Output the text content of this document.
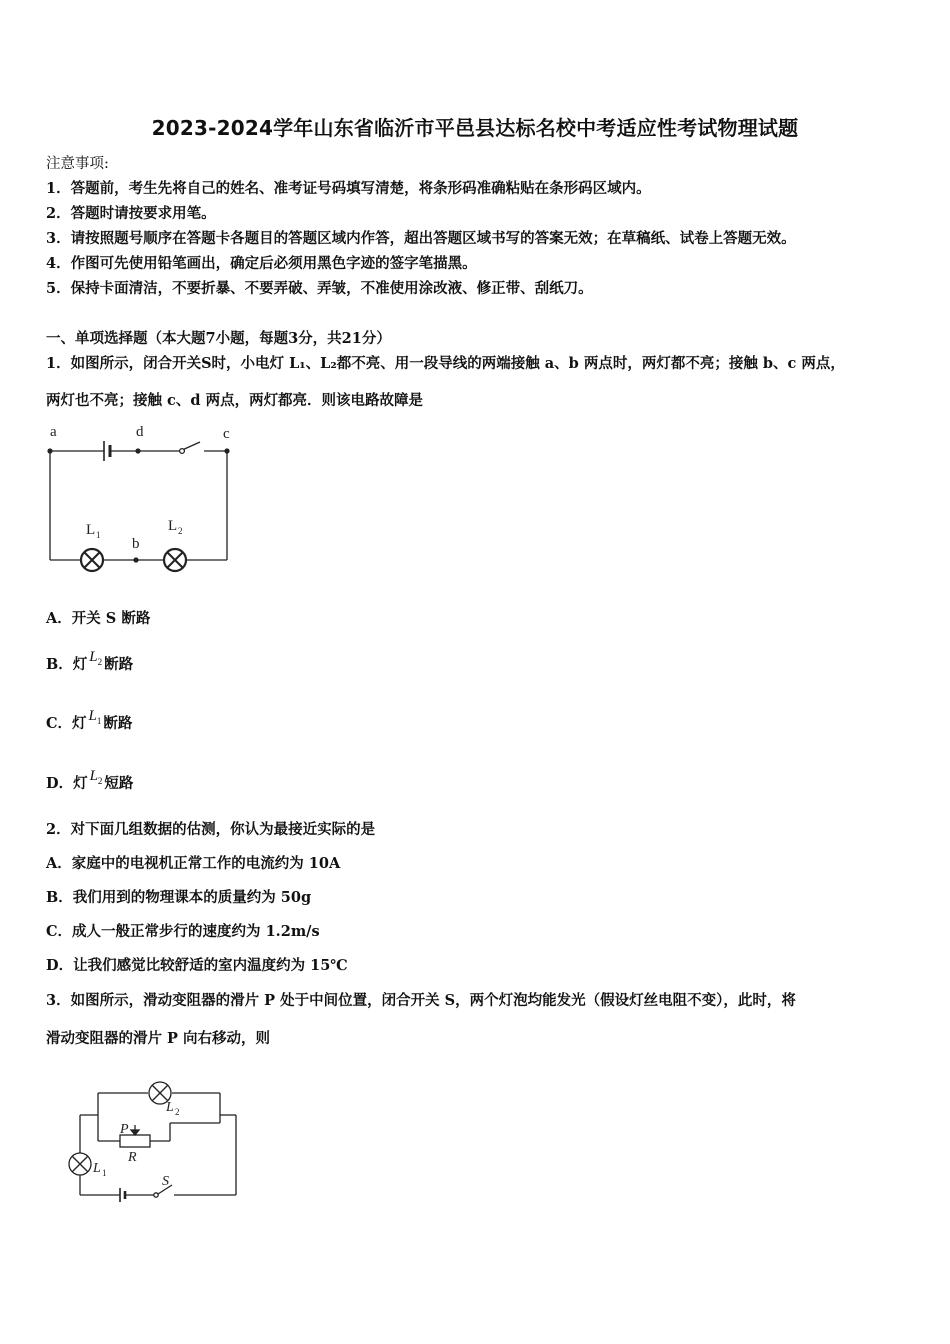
2023-2024学年山东省临沂市平邑县达标名校中考适应性考试物理试题
注意事项:
1．答题前，考生先将自己的姓名、准考证号码填写清楚，将条形码准确粘贴在条形码区域内。
2．答题时请按要求用笔。
3．请按照题号顺序在答题卡各题目的答题区域内作答，超出答题区域书写的答案无效；在草稿纸、试卷上答题无效。
4．作图可先使用铅笔画出，确定后必须用黑色字迹的签字笔描黑。
5．保持卡面清洁，不要折暴、不要弄破、弄皱，不准使用涂改液、修正带、刮纸刀。
一、单项选择题（本大题7小题，每题3分，共21分）
1．如图所示，闭合开关S时，小电灯 L₁、L₂都不亮、用一段导线的两端接触 a、b 两点时，两灯都不亮；接触 b、c 两点，
两灯也不亮；接触 c、d 两点，两灯都亮．则该电路故障是
a	d	c
b
L 1
L 2
A．开关 S 断路
B．灯 $L_2$ 断路
C．灯 $L_1$ 断路
D．灯 $L_2$ 短路
2．对下面几组数据的估测，你认为最接近实际的是
A．家庭中的电视机正常工作的电流约为 10A
B．我们用到的物理课本的质量约为 50g
C．成人一般正常步行的速度约为 1.2m/s
D．让我们感觉比较舒适的室内温度约为 15℃
3．如图所示，滑动变阻器的滑片 P 处于中间位置，闭合开关 S，两个灯泡均能发光（假设灯丝电阻不变），此时，将
滑动变阻器的滑片 P 向右移动，则
L 2
L 1
P
R
S
